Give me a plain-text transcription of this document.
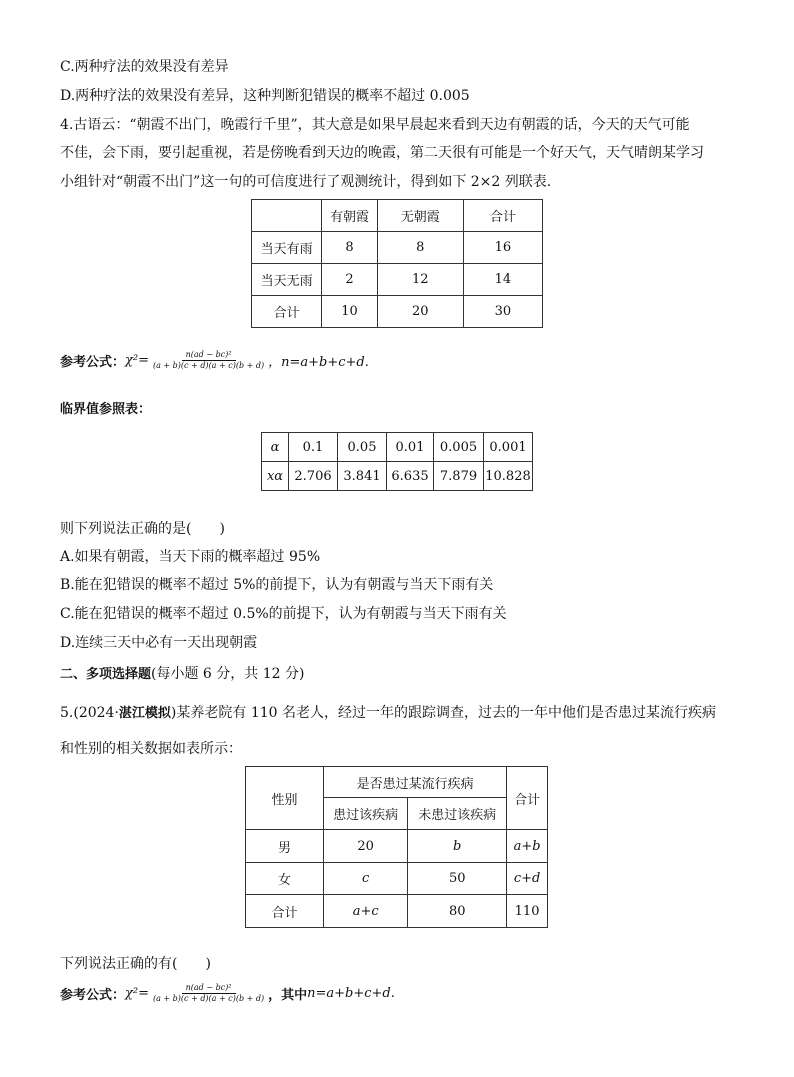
C.两种疗法的效果没有差异
D.两种疗法的效果没有差异，这种判断犯错误的概率不超过 0.005
4.古语云：“朝霞不出门，晚霞行千里”，其大意是如果早晨起来看到天边有朝霞的话，今天的天气可能
不佳，会下雨，要引起重视，若是傍晚看到天边的晚霞，第二天很有可能是一个好天气，天气晴朗某学习
小组针对“朝霞不出门”这一句的可信度进行了观测统计，得到如下 2×2 列联表.
	有朝霞	无朝霞	合计
当天有雨	8	8	16
当天无雨	2	12	14
合计	10	20	30
参考公式： $\chi^2= \frac{\text{n(ad − bc)²}}{(a + b)(c + d)(a + c)(b + d)}$ ，n=a+b+c+d.
临界值参照表：
α	0.1	0.05	0.01	0.005	0.001
xα	2.706	3.841	6.635	7.879	10.828
则下列说法正确的是(　　)
A.如果有朝霞，当天下雨的概率超过 95%
B.能在犯错误的概率不超过 5%的前提下，认为有朝霞与当天下雨有关
C.能在犯错误的概率不超过 0.5%的前提下，认为有朝霞与当天下雨有关
D.连续三天中必有一天出现朝霞
二、多项选择题(每小题 6 分，共 12 分)
5.(2024·湛江模拟)某养老院有 110 名老人，经过一年的跟踪调查，过去的一年中他们是否患过某流行疾病
和性别的相关数据如表所示：
性别	是否患过某流行疾病		合计
	患过该疾病	未患过该疾病	
男	20	b	a+b
女	c	50	c+d
合计	a+c	80	110
下列说法正确的有(　　)
参考公式： $\chi^2= \frac{\text{n(ad − bc)²}}{(a + b)(c + d)(a + c)(b + d)}$ ，其中 n=a+b+c+d.
